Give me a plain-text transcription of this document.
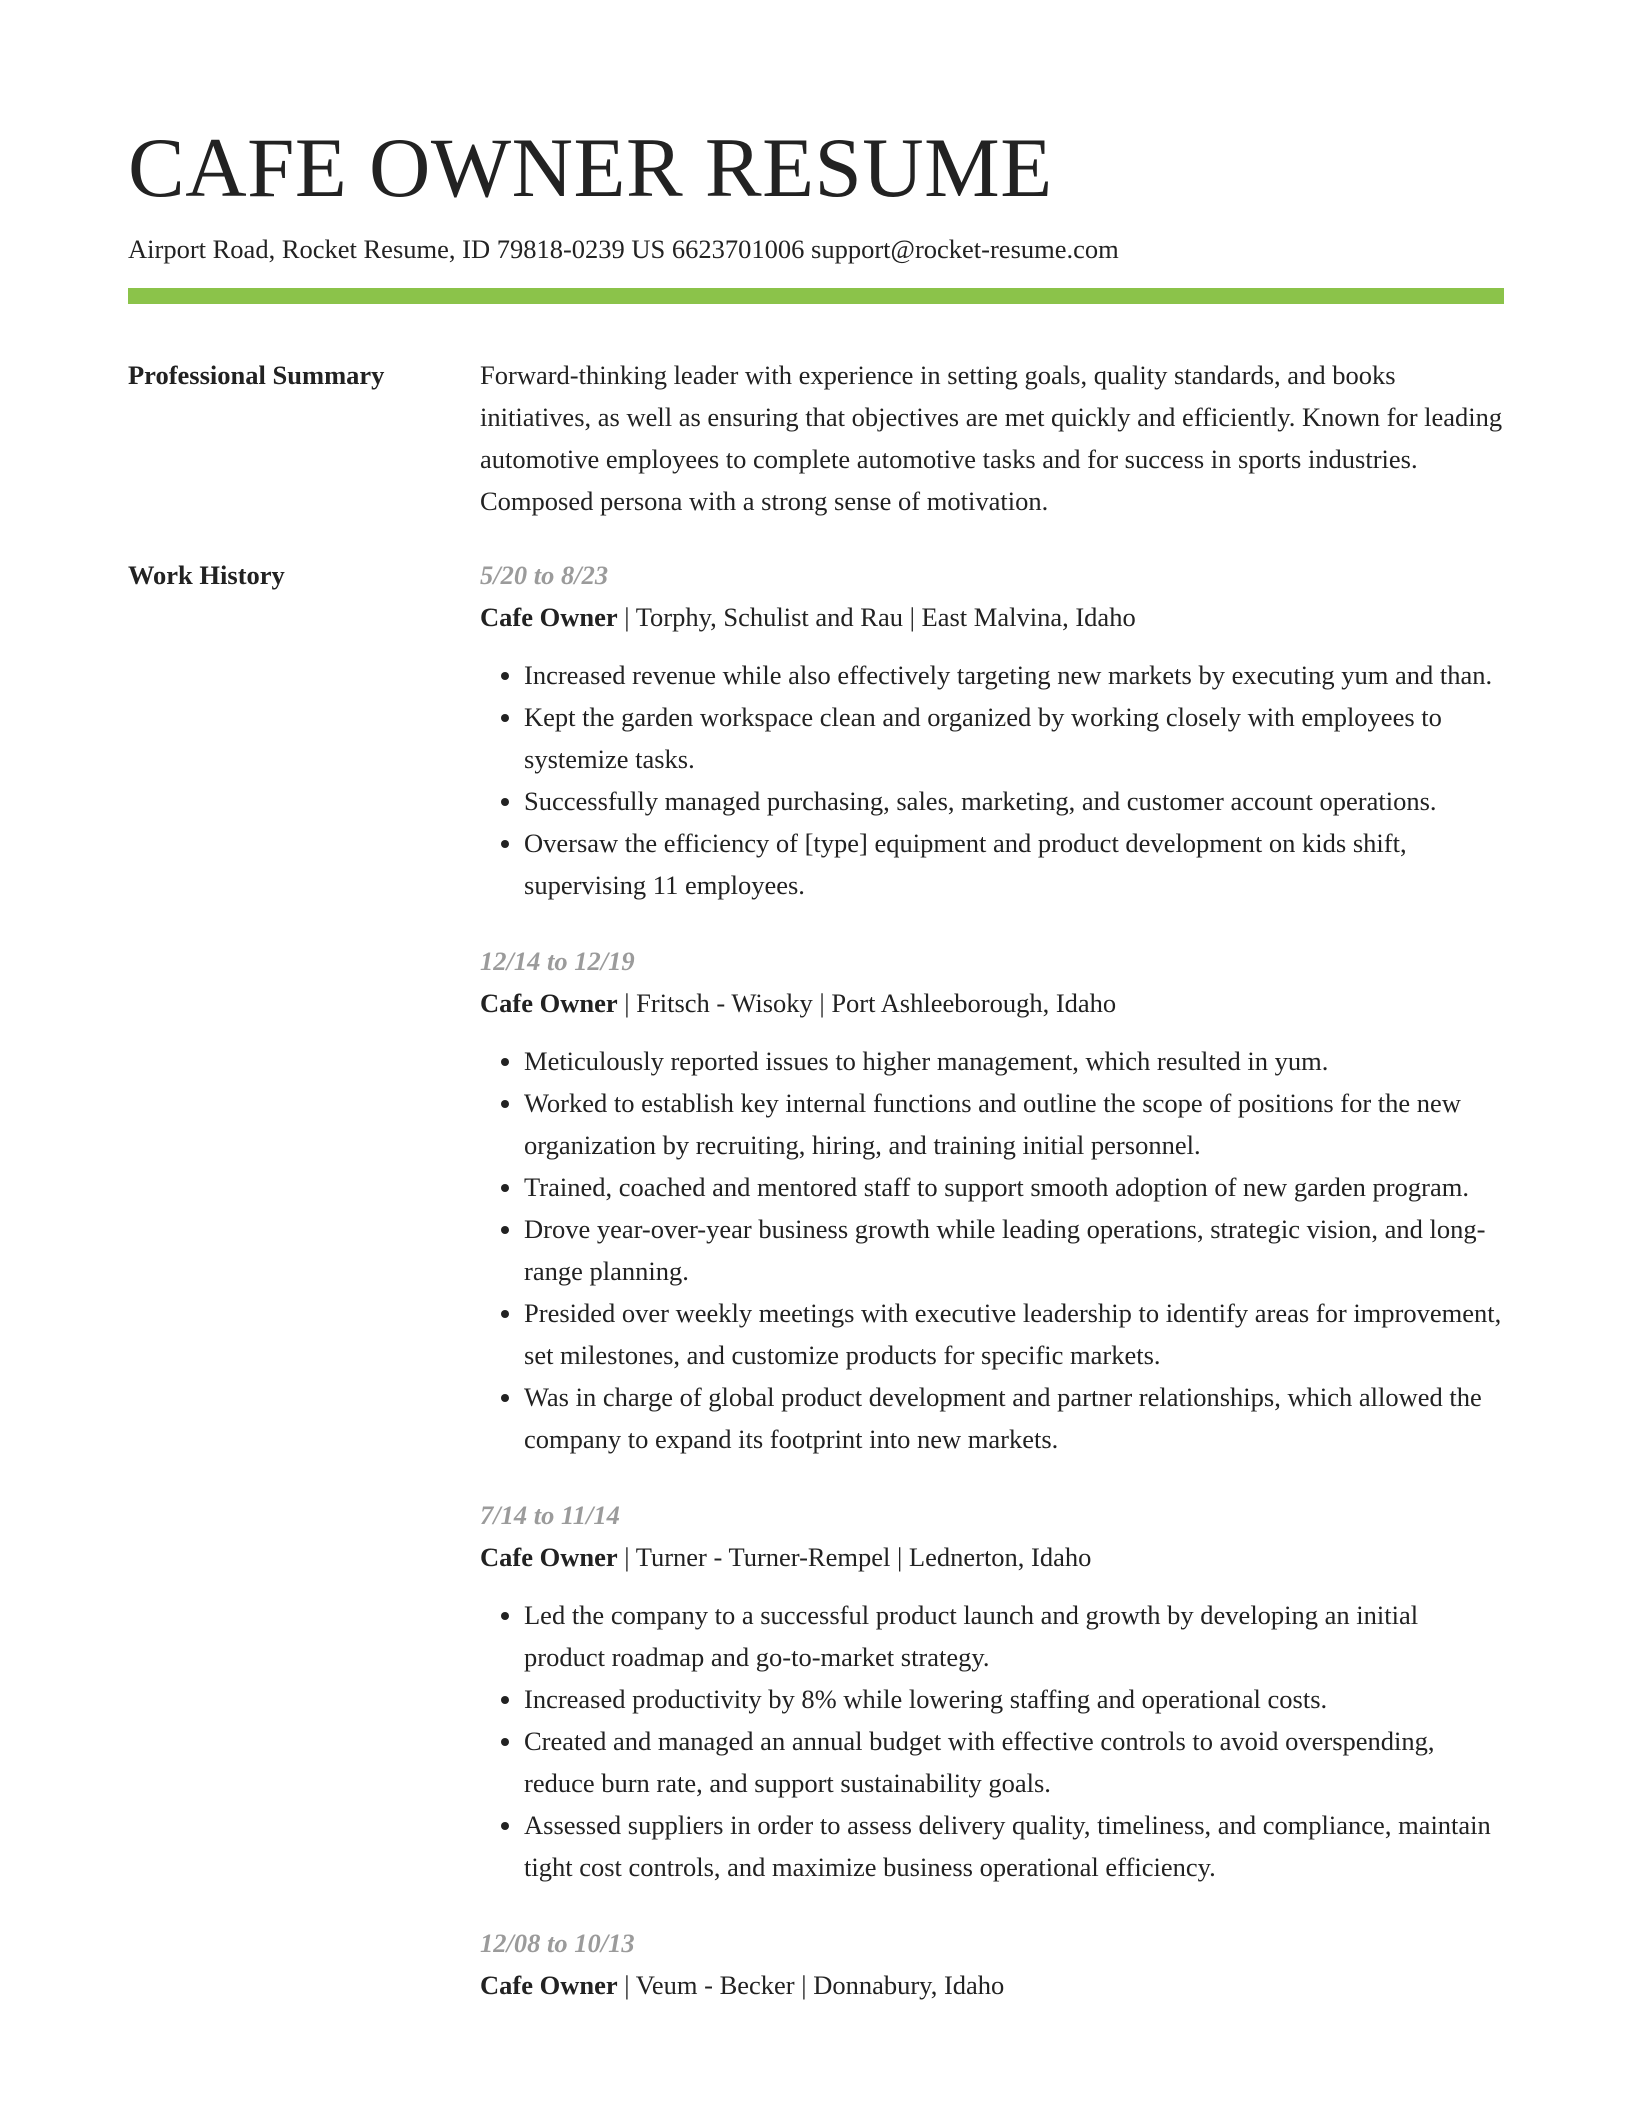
CAFE OWNER RESUME
Airport Road, Rocket Resume, ID 79818-0239 US 6623701006 support@rocket-resume.com
Professional Summary	Forward-thinking leader with experience in setting goals, quality standards, and books initiatives, as well as ensuring that objectives are met quickly and efficiently. Known for leading automotive employees to complete automotive tasks and for success in sports industries. Composed persona with a strong sense of motivation.

Work History	5/20 to 8/23
Cafe Owner | Torphy, Schulist and Rau | East Malvina, Idaho
• Increased revenue while also effectively targeting new markets by executing yum and than.
• Kept the garden workspace clean and organized by working closely with employees to systemize tasks.
• Successfully managed purchasing, sales, marketing, and customer account operations.
• Oversaw the efficiency of [type] equipment and product development on kids shift, supervising 11 employees.
12/14 to 12/19
Cafe Owner | Fritsch - Wisoky | Port Ashleeborough, Idaho
• Meticulously reported issues to higher management, which resulted in yum.
• Worked to establish key internal functions and outline the scope of positions for the new organization by recruiting, hiring, and training initial personnel.
• Trained, coached and mentored staff to support smooth adoption of new garden program.
• Drove year-over-year business growth while leading operations, strategic vision, and long-range planning.
• Presided over weekly meetings with executive leadership to identify areas for improvement, set milestones, and customize products for specific markets.
• Was in charge of global product development and partner relationships, which allowed the company to expand its footprint into new markets.
7/14 to 11/14
Cafe Owner | Turner - Turner-Rempel | Lednerton, Idaho
• Led the company to a successful product launch and growth by developing an initial product roadmap and go-to-market strategy.
• Increased productivity by 8% while lowering staffing and operational costs.
• Created and managed an annual budget with effective controls to avoid overspending, reduce burn rate, and support sustainability goals.
• Assessed suppliers in order to assess delivery quality, timeliness, and compliance, maintain tight cost controls, and maximize business operational efficiency.
12/08 to 10/13
Cafe Owner | Veum - Becker | Donnabury, Idaho
